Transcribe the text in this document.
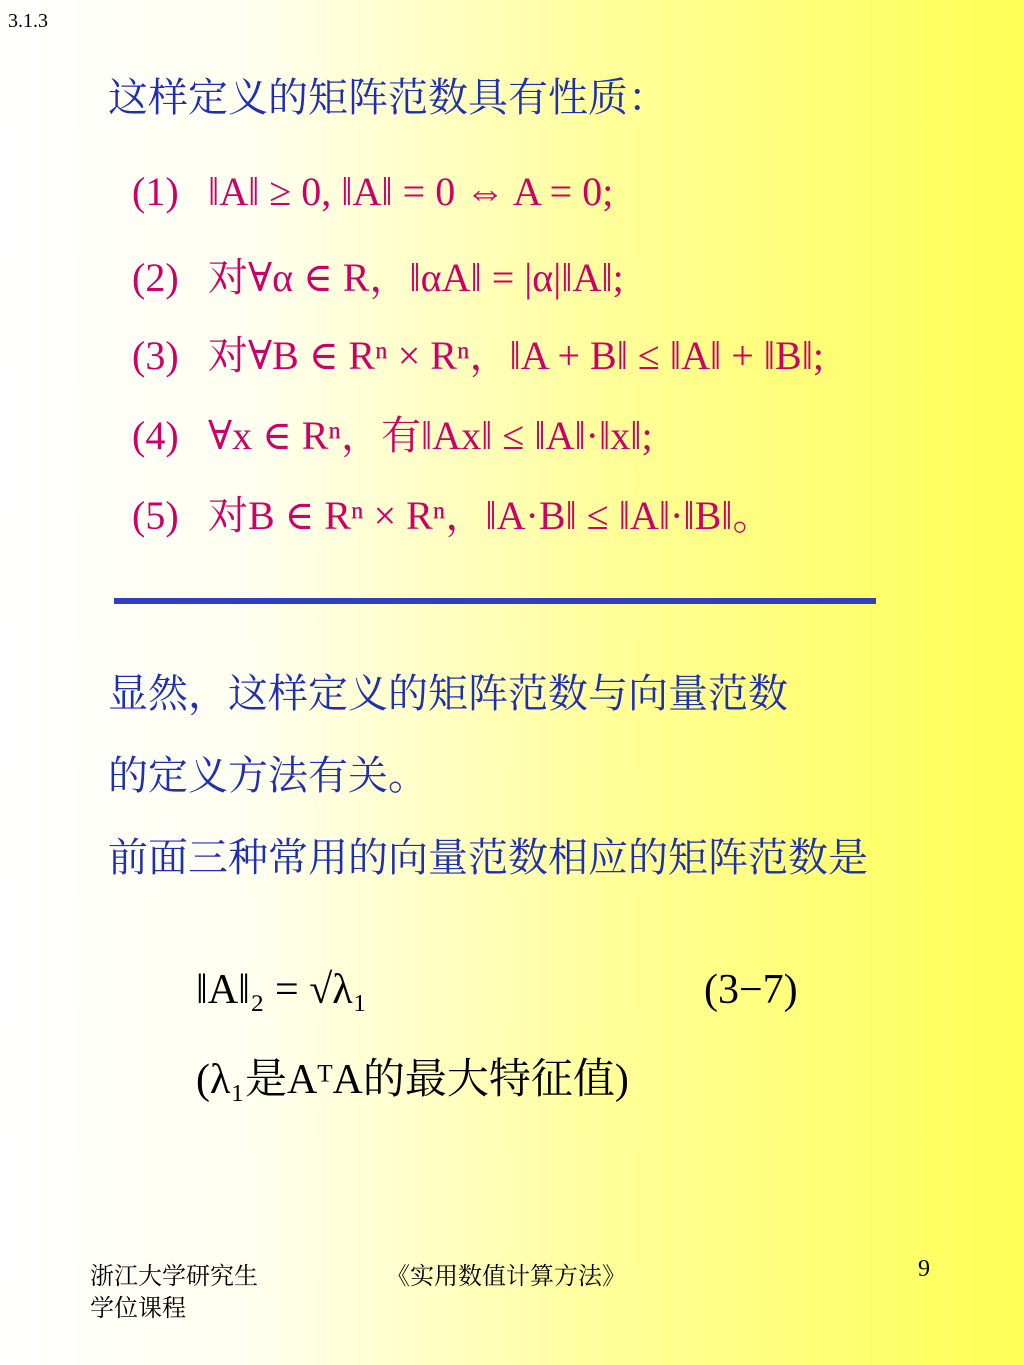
3.1.3
这样定义的矩阵范数具有性质：
(1) ‖A‖ ≥ 0, ‖A‖ = 0 ⇔ A = 0;
(2) 对∀α ∈ R，‖αA‖ = |α|‖A‖;
(3) 对∀B ∈ Rⁿ × Rⁿ，‖A + B‖ ≤ ‖A‖ + ‖B‖;
(4) ∀x ∈ Rⁿ，有‖Ax‖ ≤ ‖A‖·‖x‖;
(5) 对B ∈ Rⁿ × Rⁿ，‖A·B‖ ≤ ‖A‖·‖B‖。
显然，这样定义的矩阵范数与向量范数
的定义方法有关。
前面三种常用的向量范数相应的矩阵范数是
‖A‖₂ = √λ₁	(3−7)
(λ₁是AᵀA的最大特征值)
浙江大学研究生
学位课程
《实用数值计算方法》	9
